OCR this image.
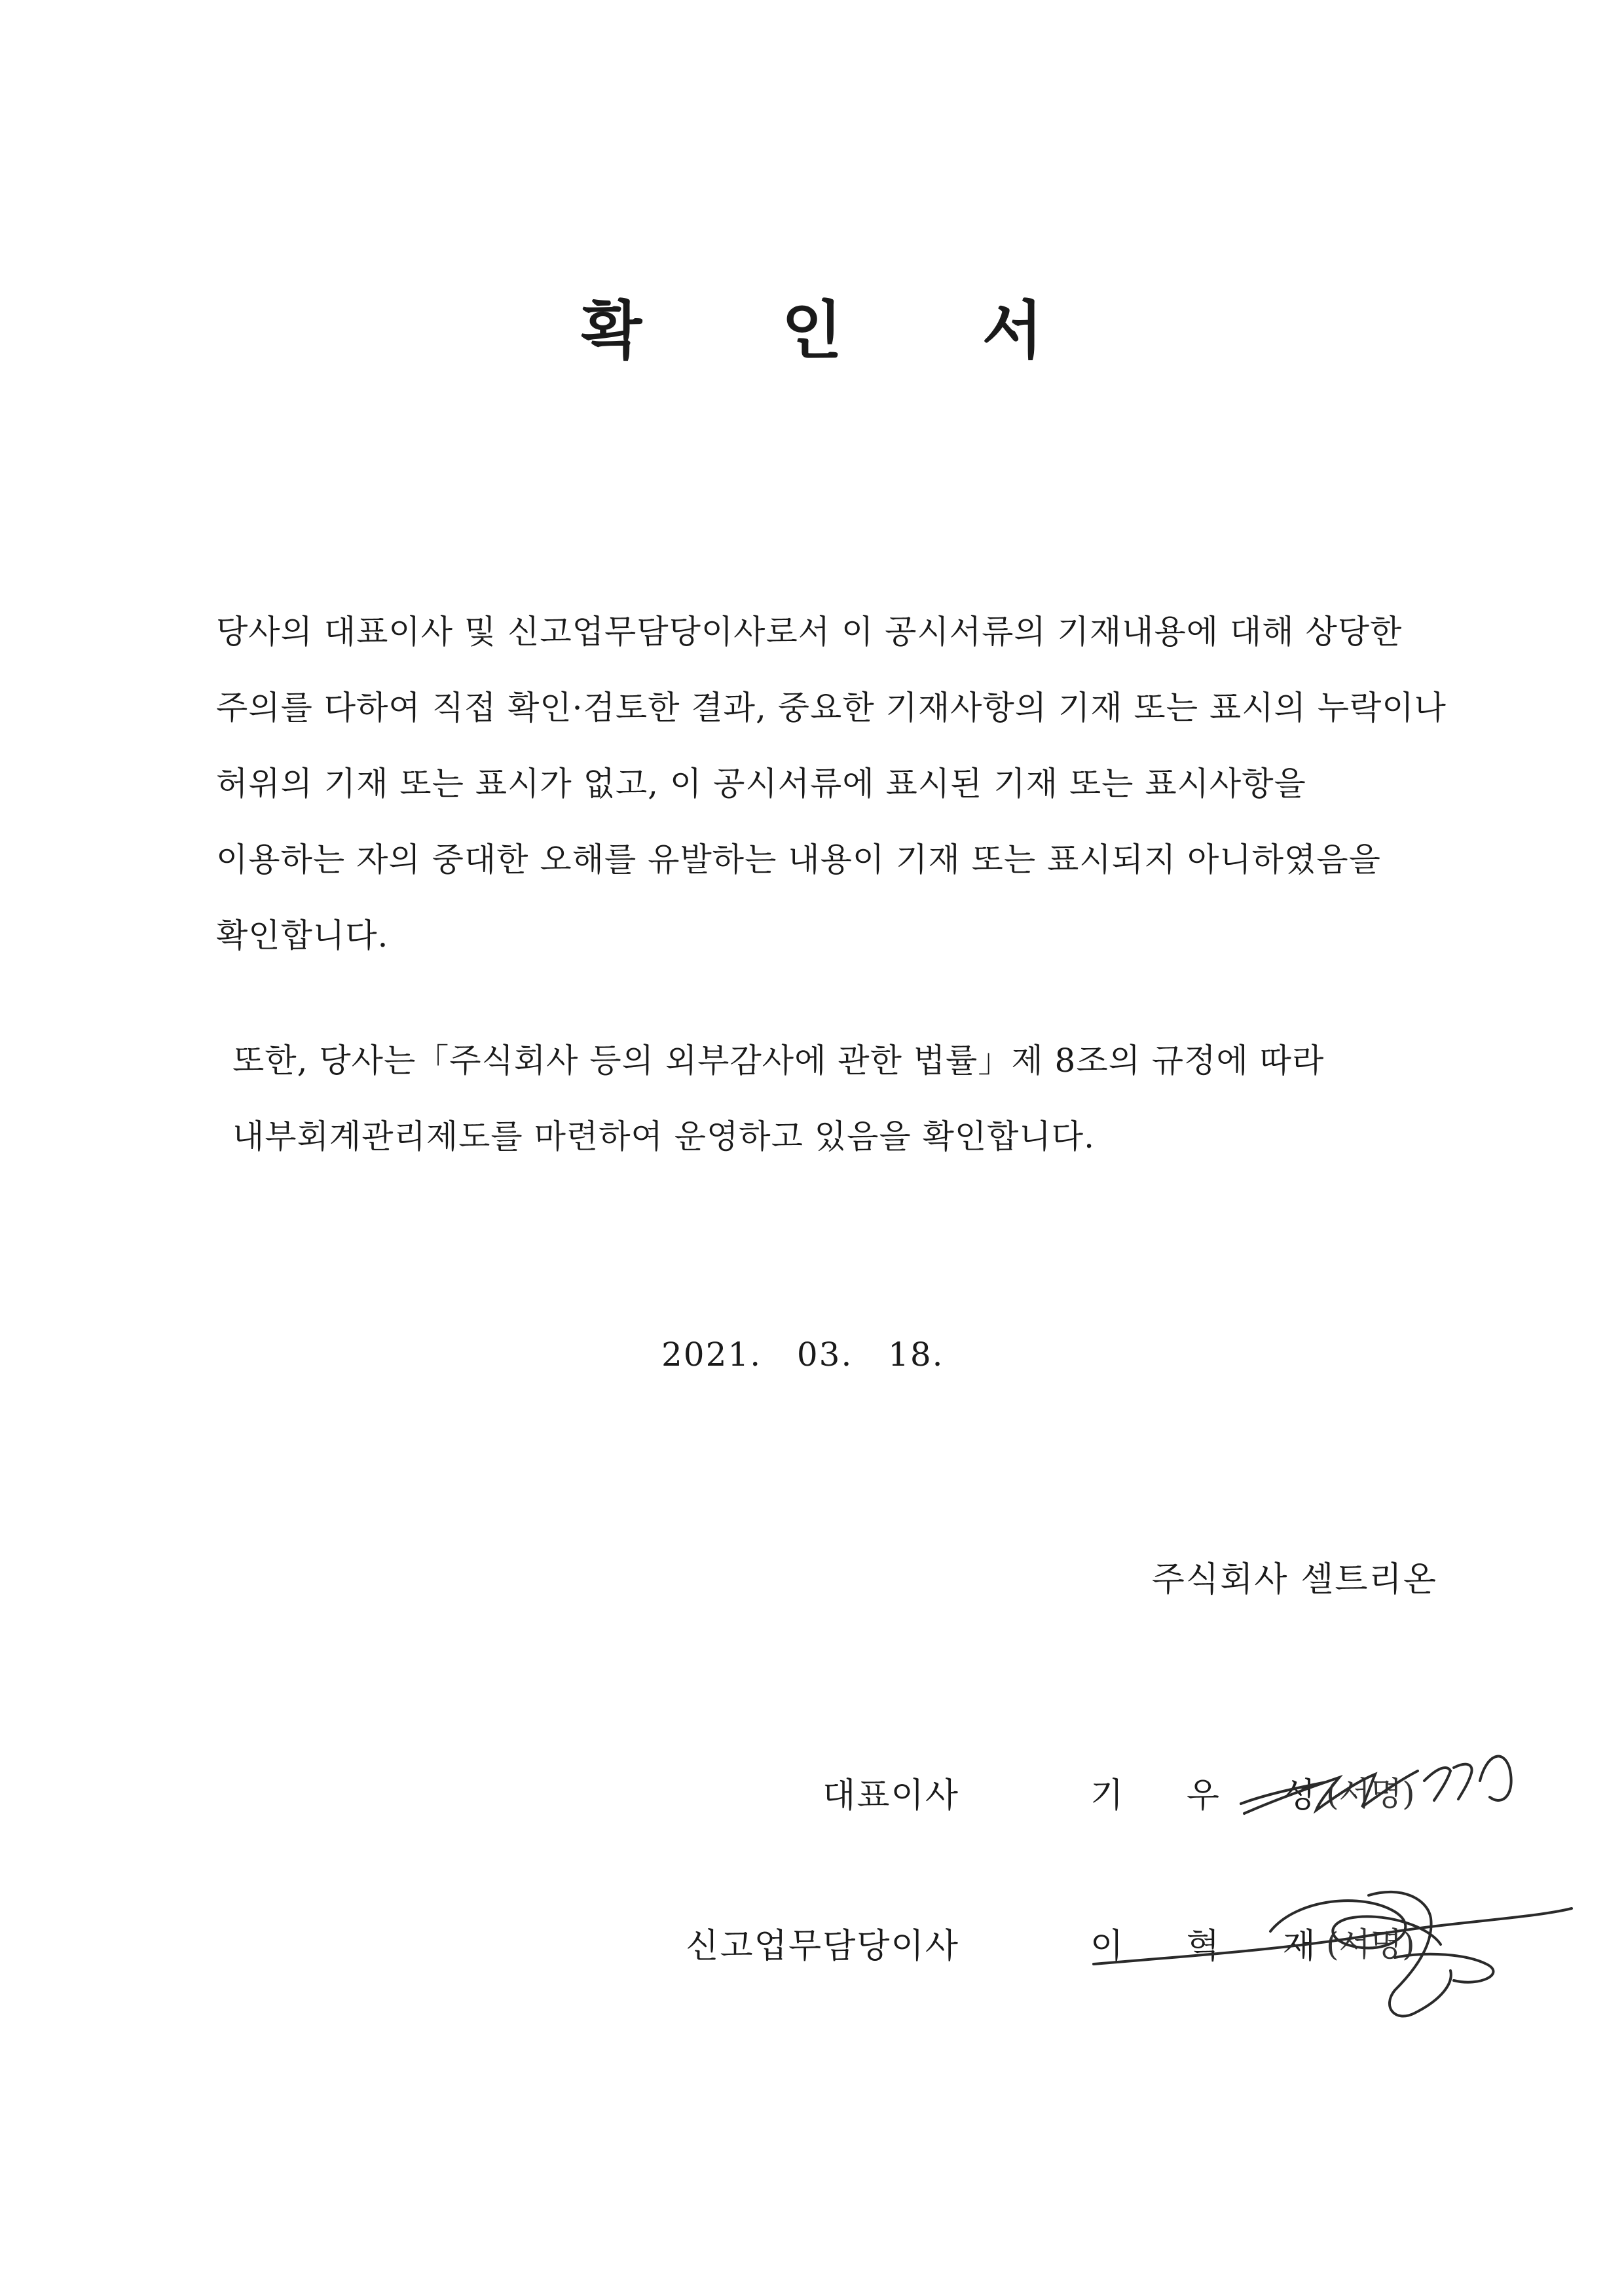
확 인 서
당사의 대표이사 및 신고업무담당이사로서 이 공시서류의 기재내용에 대해 상당한
주의를 다하여 직접 확인·검토한 결과, 중요한 기재사항의 기재 또는 표시의 누락이나
허위의 기재 또는 표시가 없고, 이 공시서류에 표시된 기재 또는 표시사항을
이용하는 자의 중대한 오해를 유발하는 내용이 기재 또는 표시되지 아니하였음을
확인합니다.
또한, 당사는「주식회사 등의 외부감사에 관한 법률」제 8조의 규정에 따라
내부회계관리제도를 마련하여 운영하고 있음을 확인합니다.
2021.   03.   18.
주식회사 셀트리온
대표이사	기 우 성
(서명)
신고업무담당이사	이 혁 재
(서명)
